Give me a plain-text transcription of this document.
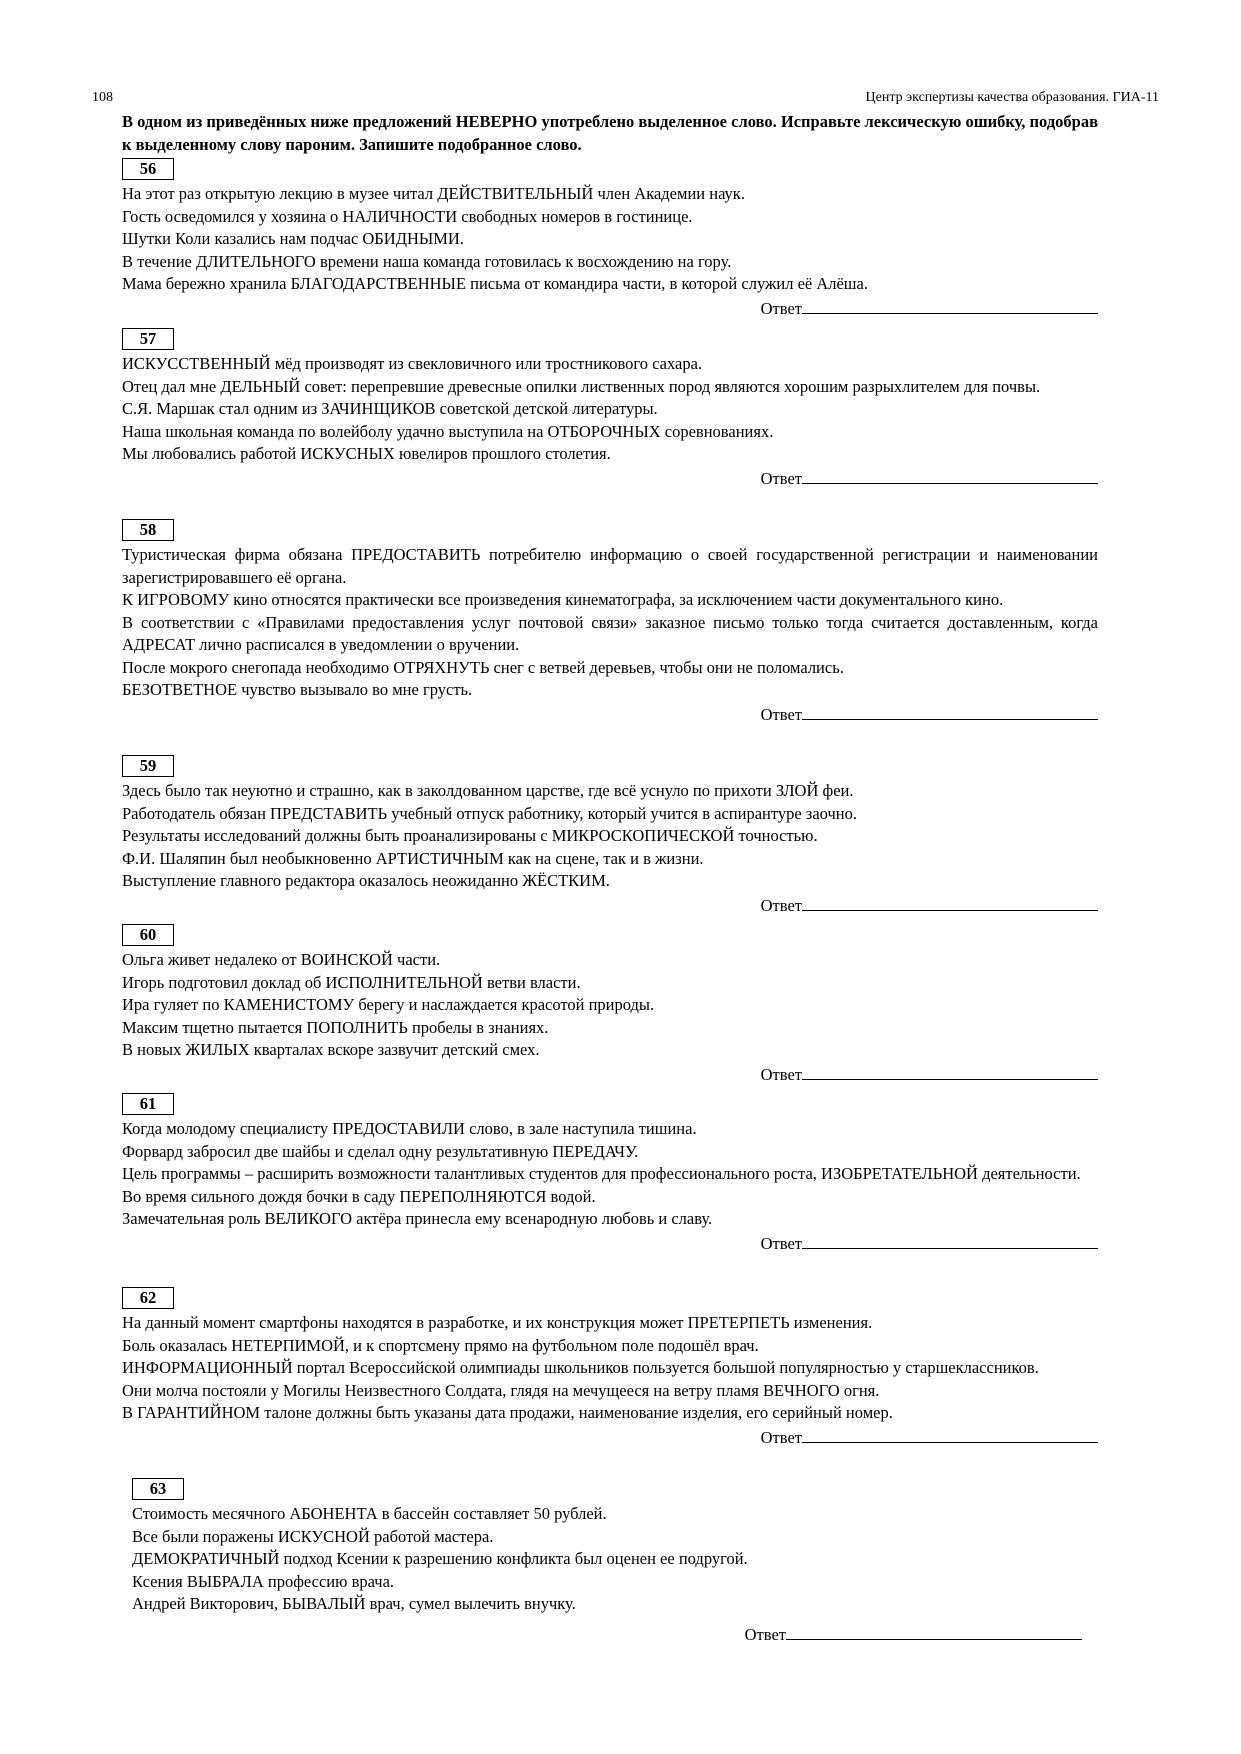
108	Центр экспертизы качества образования. ГИА-11
В одном из приведённых ниже предложений НЕВЕРНО употреблено выделенное слово. Исправьте лексическую ошибку, подобрав к выделенному слову пароним. Запишите подобранное слово.
56
На этот раз открытую лекцию в музее читал ДЕЙСТВИТЕЛЬНЫЙ член Академии наук.
Гость осведомился у хозяина о НАЛИЧНОСТИ свободных номеров в гостинице.
Шутки Коли казались нам подчас ОБИДНЫМИ.
В течение ДЛИТЕЛЬНОГО времени наша команда готовилась к восхождению на гору.
Мама бережно хранила БЛАГОДАРСТВЕННЫЕ письма от командира части, в которой служил её Алёша.
Ответ
57
ИСКУССТВЕННЫЙ мёд производят из свекловичного или тростникового сахара.
Отец дал мне ДЕЛЬНЫЙ совет: перепревшие древесные опилки лиственных пород являются хорошим разрыхлителем для почвы.
С.Я. Маршак стал одним из ЗАЧИНЩИКОВ советской детской литературы.
Наша школьная команда по волейболу удачно выступила на ОТБОРОЧНЫХ соревнованиях.
Мы любовались работой ИСКУСНЫХ ювелиров прошлого столетия.
Ответ
58
Туристическая фирма обязана ПРЕДОСТАВИТЬ потребителю информацию о своей государственной регистрации и наименовании зарегистрировавшего её органа.
К ИГРОВОМУ кино относятся практически все произведения кинематографа, за исключением части документального кино.
В соответствии с «Правилами предоставления услуг почтовой связи» заказное письмо только тогда считается доставленным, когда АДРЕСАТ лично расписался в уведомлении о вручении.
После мокрого снегопада необходимо ОТРЯХНУТЬ снег с ветвей деревьев, чтобы они не поломались.
БЕЗОТВЕТНОЕ чувство вызывало во мне грусть.
Ответ
59
Здесь было так неуютно и страшно, как в заколдованном царстве, где всё уснуло по прихоти ЗЛОЙ феи.
Работодатель обязан ПРЕДСТАВИТЬ учебный отпуск работнику, который учится в аспирантуре заочно.
Результаты исследований должны быть проанализированы с МИКРОСКОПИЧЕСКОЙ точностью.
Ф.И. Шаляпин был необыкновенно АРТИСТИЧНЫМ как на сцене, так и в жизни.
Выступление главного редактора оказалось неожиданно ЖЁСТКИМ.
Ответ
60
Ольга живет недалеко от ВОИНСКОЙ части.
Игорь подготовил доклад об ИСПОЛНИТЕЛЬНОЙ ветви власти.
Ира гуляет по КАМЕНИСТОМУ берегу и наслаждается красотой природы.
Максим тщетно пытается ПОПОЛНИТЬ пробелы в знаниях.
В новых ЖИЛЫХ кварталах вскоре зазвучит детский смех.
Ответ
61
Когда молодому специалисту ПРЕДОСТАВИЛИ слово, в зале наступила тишина.
Форвард забросил две шайбы и сделал одну результативную ПЕРЕДАЧУ.
Цель программы – расширить возможности талантливых студентов для профессионального роста, ИЗОБРЕТАТЕЛЬНОЙ деятельности.
Во время сильного дождя бочки в саду ПЕРЕПОЛНЯЮТСЯ водой.
Замечательная роль ВЕЛИКОГО актёра принесла ему всенародную любовь и славу.
Ответ
62
На данный момент смартфоны находятся в разработке, и их конструкция может ПРЕТЕРПЕТЬ изменения.
Боль оказалась НЕТЕРПИМОЙ, и к спортсмену прямо на футбольном поле подошёл врач.
ИНФОРМАЦИОННЫЙ портал Всероссийской олимпиады школьников пользуется большой популярностью у старшеклассников.
Они молча постояли у Могилы Неизвестного Солдата, глядя на мечущееся на ветру пламя ВЕЧНОГО огня.
В ГАРАНТИЙНОМ талоне должны быть указаны дата продажи, наименование изделия, его серийный номер.
Ответ
63
Стоимость месячного АБОНЕНТА в бассейн составляет 50 рублей.
Все были поражены ИСКУСНОЙ работой мастера.
ДЕМОКРАТИЧНЫЙ подход Ксении к разрешению конфликта был оценен ее подругой.
Ксения ВЫБРАЛА профессию врача.
Андрей Викторович, БЫВАЛЫЙ врач, сумел вылечить внучку.
Ответ
